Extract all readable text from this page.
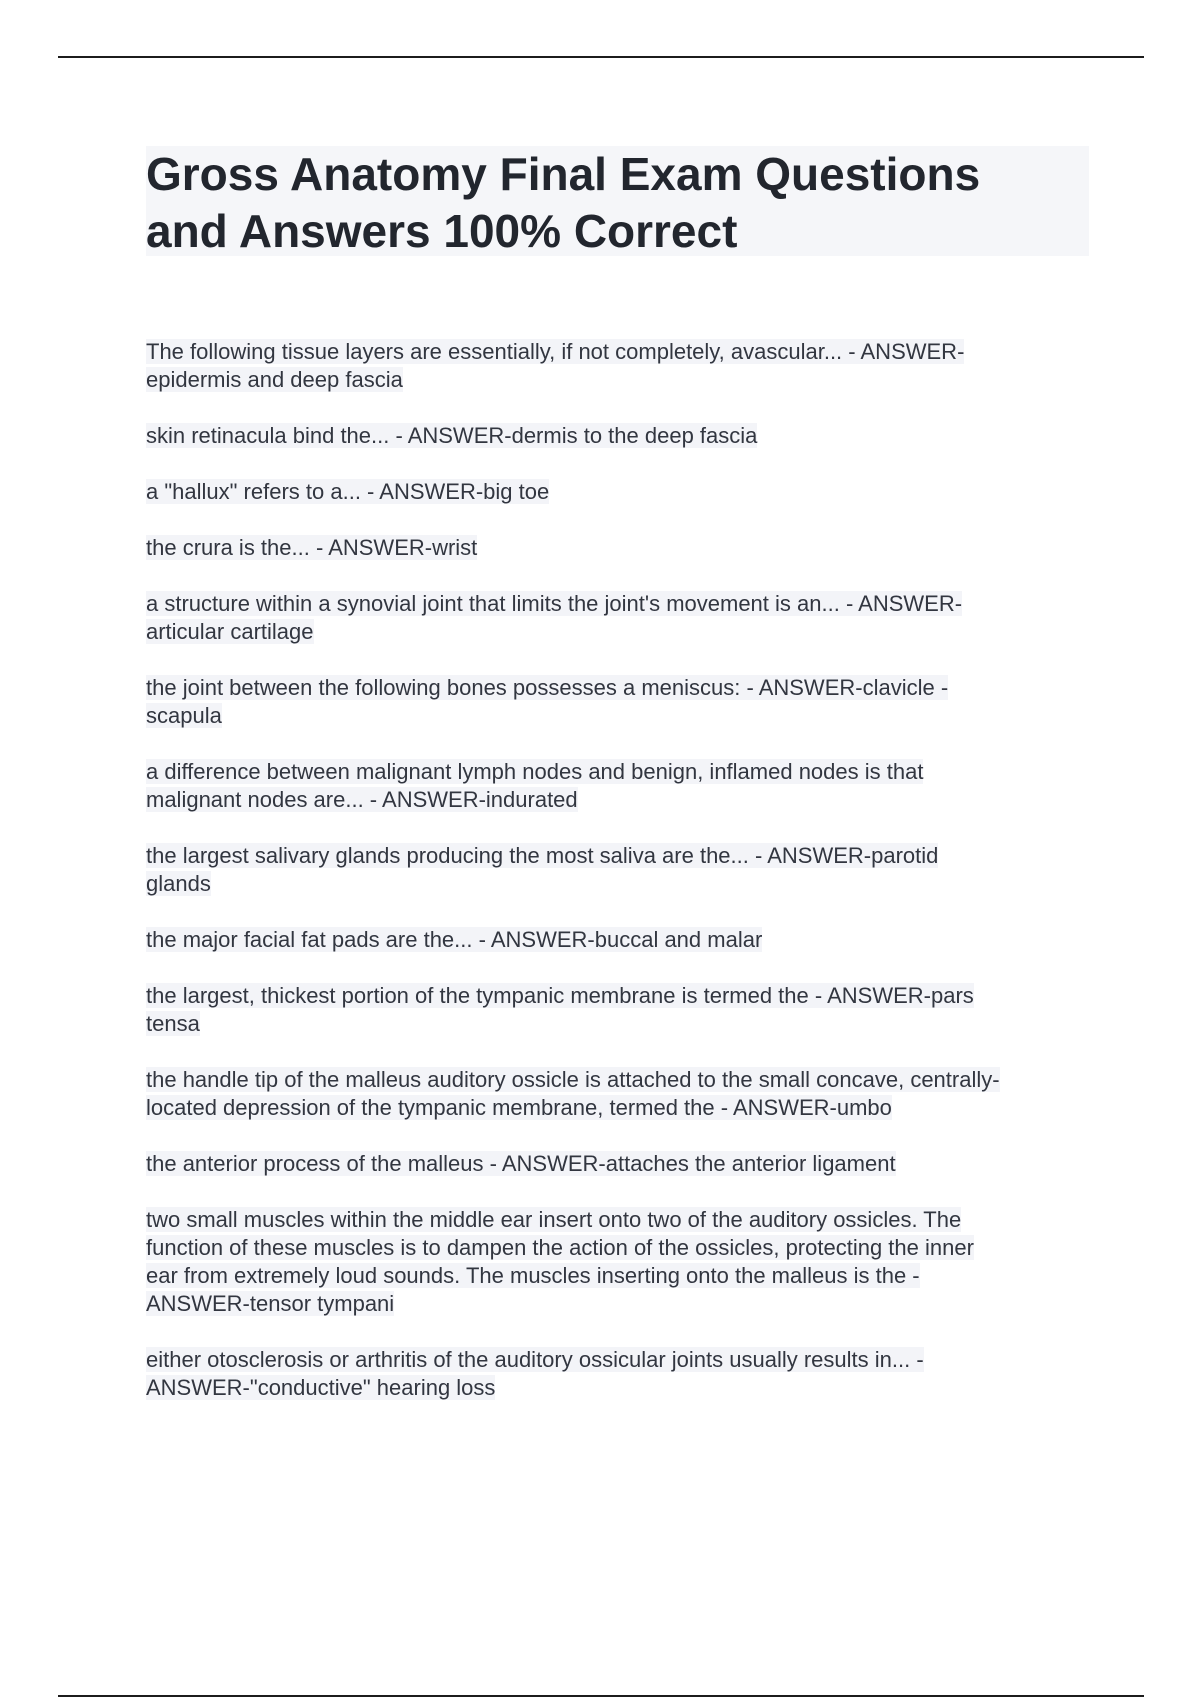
Gross Anatomy Final Exam Questions
and Answers 100% Correct

The following tissue layers are essentially, if not completely, avascular... - ANSWER-
epidermis and deep fascia

skin retinacula bind the... - ANSWER-dermis to the deep fascia

a "hallux" refers to a... - ANSWER-big toe

the crura is the... - ANSWER-wrist

a structure within a synovial joint that limits the joint's movement is an... - ANSWER-
articular cartilage

the joint between the following bones possesses a meniscus: - ANSWER-clavicle -
scapula

a difference between malignant lymph nodes and benign, inflamed nodes is that
malignant nodes are... - ANSWER-indurated

the largest salivary glands producing the most saliva are the... - ANSWER-parotid
glands

the major facial fat pads are the... - ANSWER-buccal and malar

the largest, thickest portion of the tympanic membrane is termed the - ANSWER-pars
tensa

the handle tip of the malleus auditory ossicle is attached to the small concave, centrally-
located depression of the tympanic membrane, termed the - ANSWER-umbo

the anterior process of the malleus - ANSWER-attaches the anterior ligament

two small muscles within the middle ear insert onto two of the auditory ossicles. The
function of these muscles is to dampen the action of the ossicles, protecting the inner
ear from extremely loud sounds. The muscles inserting onto the malleus is the -
ANSWER-tensor tympani

either otosclerosis or arthritis of the auditory ossicular joints usually results in... -
ANSWER-"conductive" hearing loss
